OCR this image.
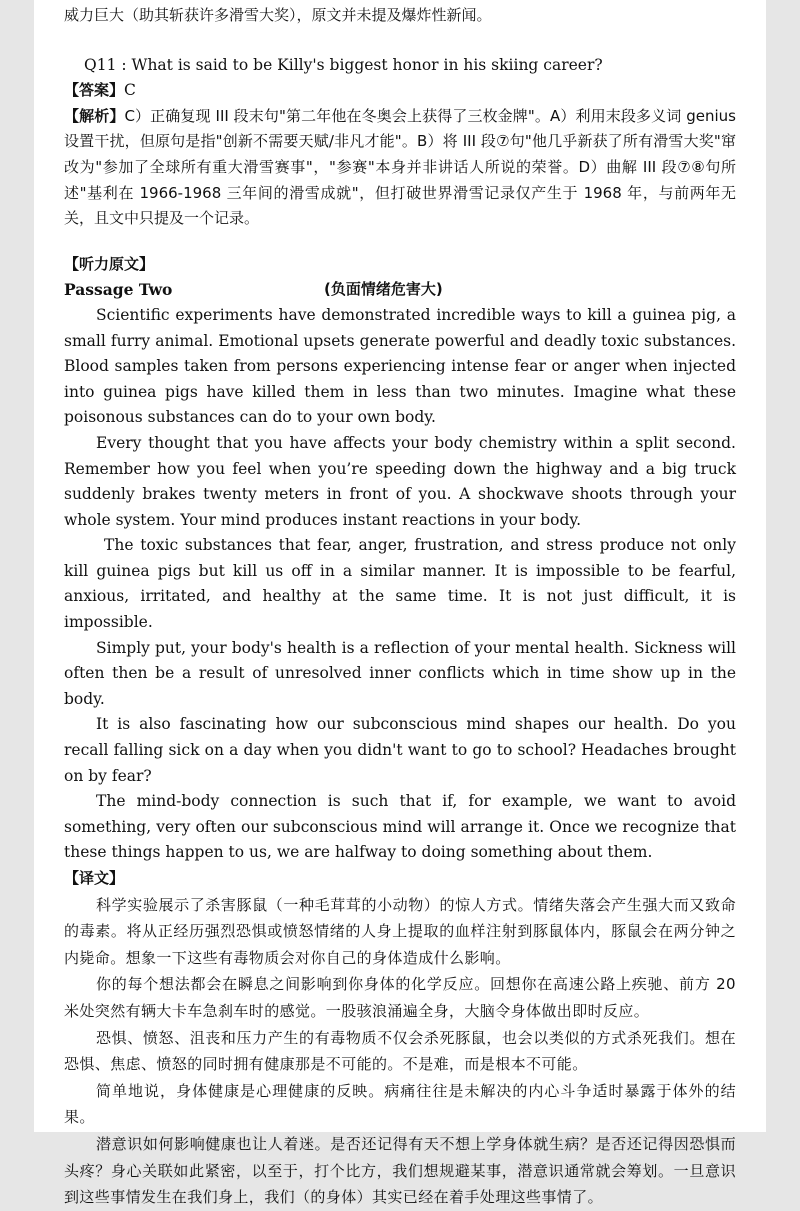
威力巨大（助其斩获许多滑雪大奖），原文并未提及爆炸性新闻。

Q11 : What is said to be Killy's biggest honor in his skiing career?

【答案】C

【解析】C）正确复现 III 段末句"第二年他在冬奥会上获得了三枚金牌"。A）利用末段多义词 genius 设置干扰，但原句是指"创新不需要天赋/非凡才能"。B）将 III 段⑦句"他几乎新获了所有滑雪大奖"窜改为"参加了全球所有重大滑雪赛事"，"参赛"本身并非讲话人所说的荣誉。D）曲解 III 段⑦⑧句所述"基利在 1966-1968 三年间的滑雪成就"，但打破世界滑雪记录仅产生于 1968 年，与前两年无关，且文中只提及一个记录。

【听力原文】

Passage Two	(负面情绪危害大)

Scientific experiments have demonstrated incredible ways to kill a guinea pig, a small furry animal. Emotional upsets generate powerful and deadly toxic substances. Blood samples taken from persons experiencing intense fear or anger when injected into guinea pigs have killed them in less than two minutes. Imagine what these poisonous substances can do to your own body.

Every thought that you have affects your body chemistry within a split second. Remember how you feel when you’re speeding down the highway and a big truck suddenly brakes twenty meters in front of you. A shockwave shoots through your whole system. Your mind produces instant reactions in your body.

The toxic substances that fear, anger, frustration, and stress produce not only kill guinea pigs but kill us off in a similar manner. It is impossible to be fearful, anxious, irritated, and healthy at the same time. It is not just difficult, it is impossible.

Simply put, your body's health is a reflection of your mental health. Sickness will often then be a result of unresolved inner conflicts which in time show up in the body.

It is also fascinating how our subconscious mind shapes our health. Do you recall falling sick on a day when you didn't want to go to school? Headaches brought on by fear?

The mind-body connection is such that if, for example, we want to avoid something, very often our subconscious mind will arrange it. Once we recognize that these things happen to us, we are halfway to doing something about them.

【译文】

科学实验展示了杀害豚鼠（一种毛茸茸的小动物）的惊人方式。情绪失落会产生强大而又致命的毒素。将从正经历强烈恐惧或愤怒情绪的人身上提取的血样注射到豚鼠体内，豚鼠会在两分钟之内毙命。想象一下这些有毒物质会对你自己的身体造成什么影响。

你的每个想法都会在瞬息之间影响到你身体的化学反应。回想你在高速公路上疾驰、前方 20 米处突然有辆大卡车急刹车时的感觉。一股骇浪涌遍全身，大脑令身体做出即时反应。

恐惧、愤怒、沮丧和压力产生的有毒物质不仅会杀死豚鼠，也会以类似的方式杀死我们。想在恐惧、焦虑、愤怒的同时拥有健康那是不可能的。不是难，而是根本不可能。

简单地说，身体健康是心理健康的反映。病痛往往是未解决的内心斗争适时暴露于体外的结果。

潜意识如何影响健康也让人着迷。是否还记得有天不想上学身体就生病？是否还记得因恐惧而头疼？身心关联如此紧密，以至于，打个比方，我们想规避某事，潜意识通常就会筹划。一旦意识到这些事情发生在我们身上，我们（的身体）其实已经在着手处理这些事情了。
